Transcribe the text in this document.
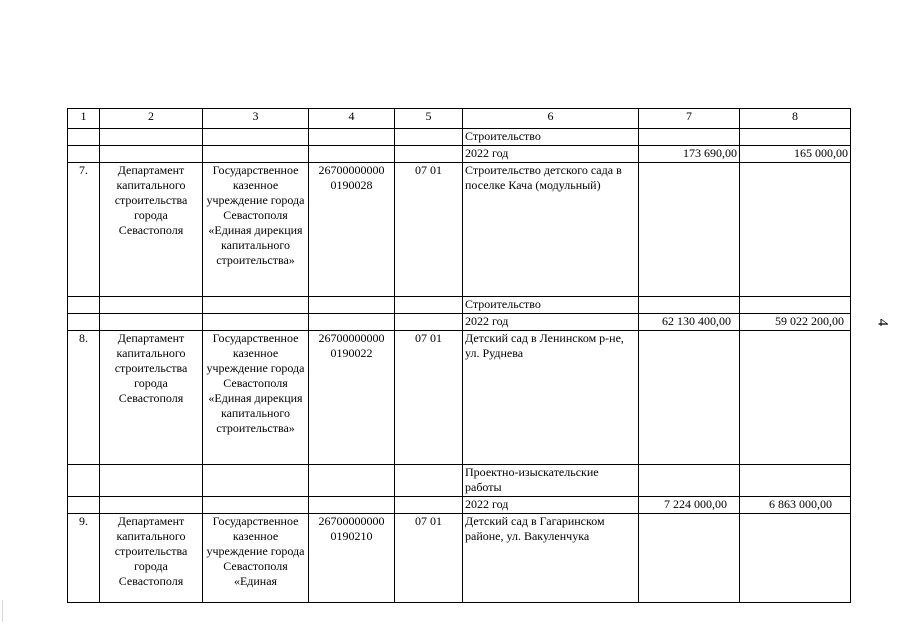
1	2	3	4	5	6	7	8
					Строительство		
					2022 год	173 690,00	165 000,00
7.	Департамент капитального строительства города Севастополя	Государственное казенное учреждение города Севастополя «Единая дирекция капитального строительства»	26700000000 0190028	07 01	Строительство детского сада в поселке Кача (модульный)		
					Строительство		
					2022 год	62 130 400,00	59 022 200,00
8.	Департамент капитального строительства города Севастополя	Государственное казенное учреждение города Севастополя «Единая дирекция капитального строительства»	26700000000 0190022	07 01	Детский сад в Ленинском р-не, ул. Руднева		
					Проектно-изыскательские работы		
					2022 год	7 224 000,00	6 863 000,00
9.	Департамент капитального строительства города Севастополя	Государственное казенное учреждение города Севастополя «Единая	26700000000 0190210	07 01	Детский сад в Гагаринском районе, ул. Вакуленчука		
4
